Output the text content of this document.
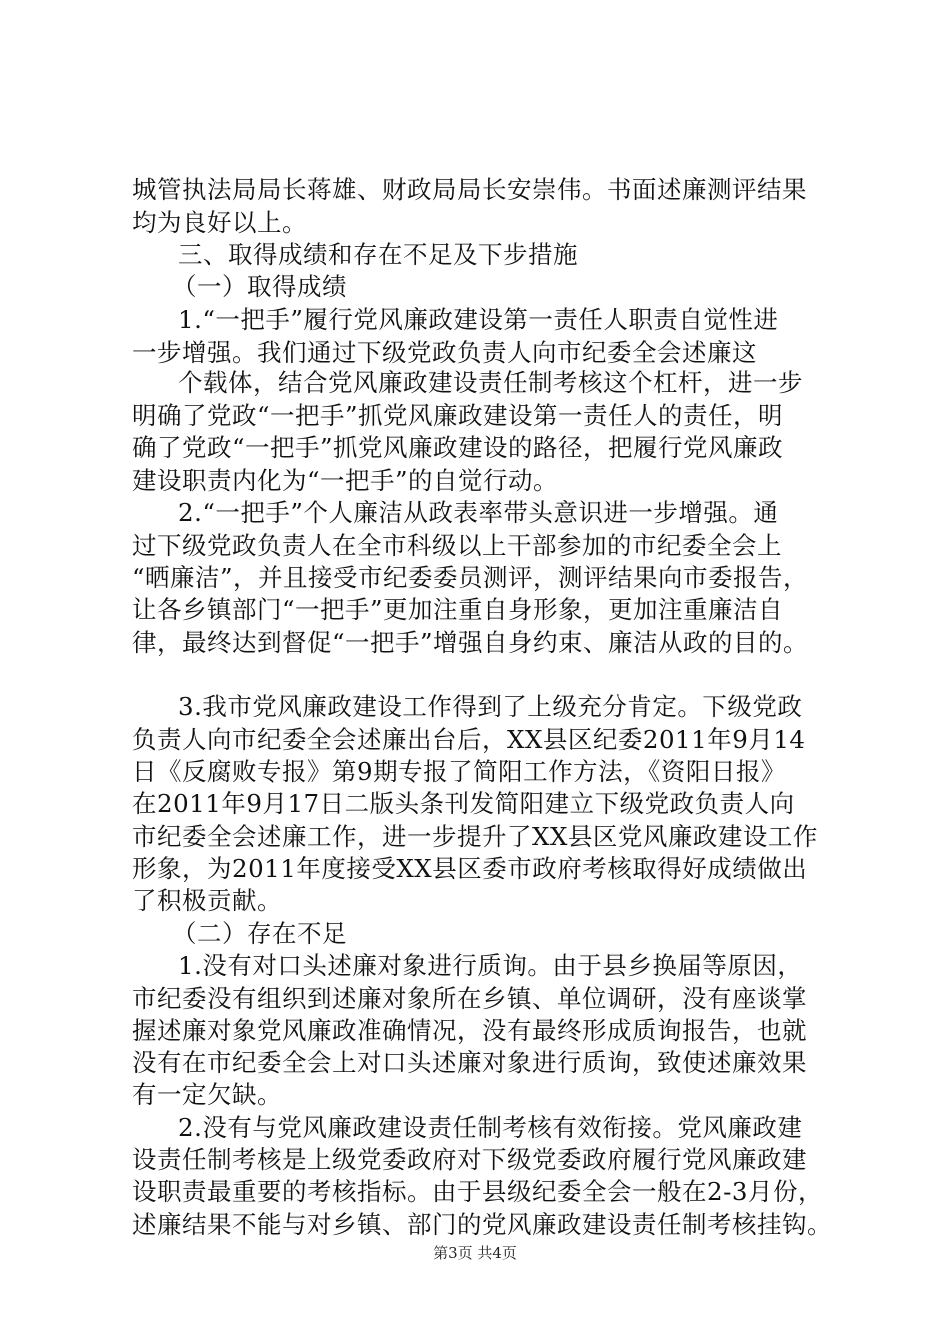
城管执法局局长蒋雄、财政局局长安崇伟。书面述廉测评结果
均为良好以上。
三、取得成绩和存在不足及下步措施
（一）取得成绩
1.“一把手”履行党风廉政建设第一责任人职责自觉性进
一步增强。我们通过下级党政负责人向市纪委全会述廉这
个载体，结合党风廉政建设责任制考核这个杠杆，进一步
明确了党政“一把手”抓党风廉政建设第一责任人的责任，明
确了党政“一把手”抓党风廉政建设的路径，把履行党风廉政
建设职责内化为“一把手”的自觉行动。
2.“一把手”个人廉洁从政表率带头意识进一步增强。通
过下级党政负责人在全市科级以上干部参加的市纪委全会上
“晒廉洁”，并且接受市纪委委员测评，测评结果向市委报告，
让各乡镇部门“一把手”更加注重自身形象，更加注重廉洁自
律，最终达到督促“一把手”增强自身约束、廉洁从政的目的。
3.我市党风廉政建设工作得到了上级充分肯定。下级党政
负责人向市纪委全会述廉出台后，XX县区纪委2011年9月14
日《反腐败专报》第9期专报了简阳工作方法，《资阳日报》
在2011年9月17日二版头条刊发简阳建立下级党政负责人向
市纪委全会述廉工作，进一步提升了XX县区党风廉政建设工作
形象，为2011年度接受XX县区委市政府考核取得好成绩做出
了积极贡献。
（二）存在不足
1.没有对口头述廉对象进行质询。由于县乡换届等原因，
市纪委没有组织到述廉对象所在乡镇、单位调研，没有座谈掌
握述廉对象党风廉政准确情况，没有最终形成质询报告，也就
没有在市纪委全会上对口头述廉对象进行质询，致使述廉效果
有一定欠缺。
2.没有与党风廉政建设责任制考核有效衔接。党风廉政建
设责任制考核是上级党委政府对下级党委政府履行党风廉政建
设职责最重要的考核指标。由于县级纪委全会一般在2-3月份，
述廉结果不能与对乡镇、部门的党风廉政建设责任制考核挂钩。
第3页 共4页
